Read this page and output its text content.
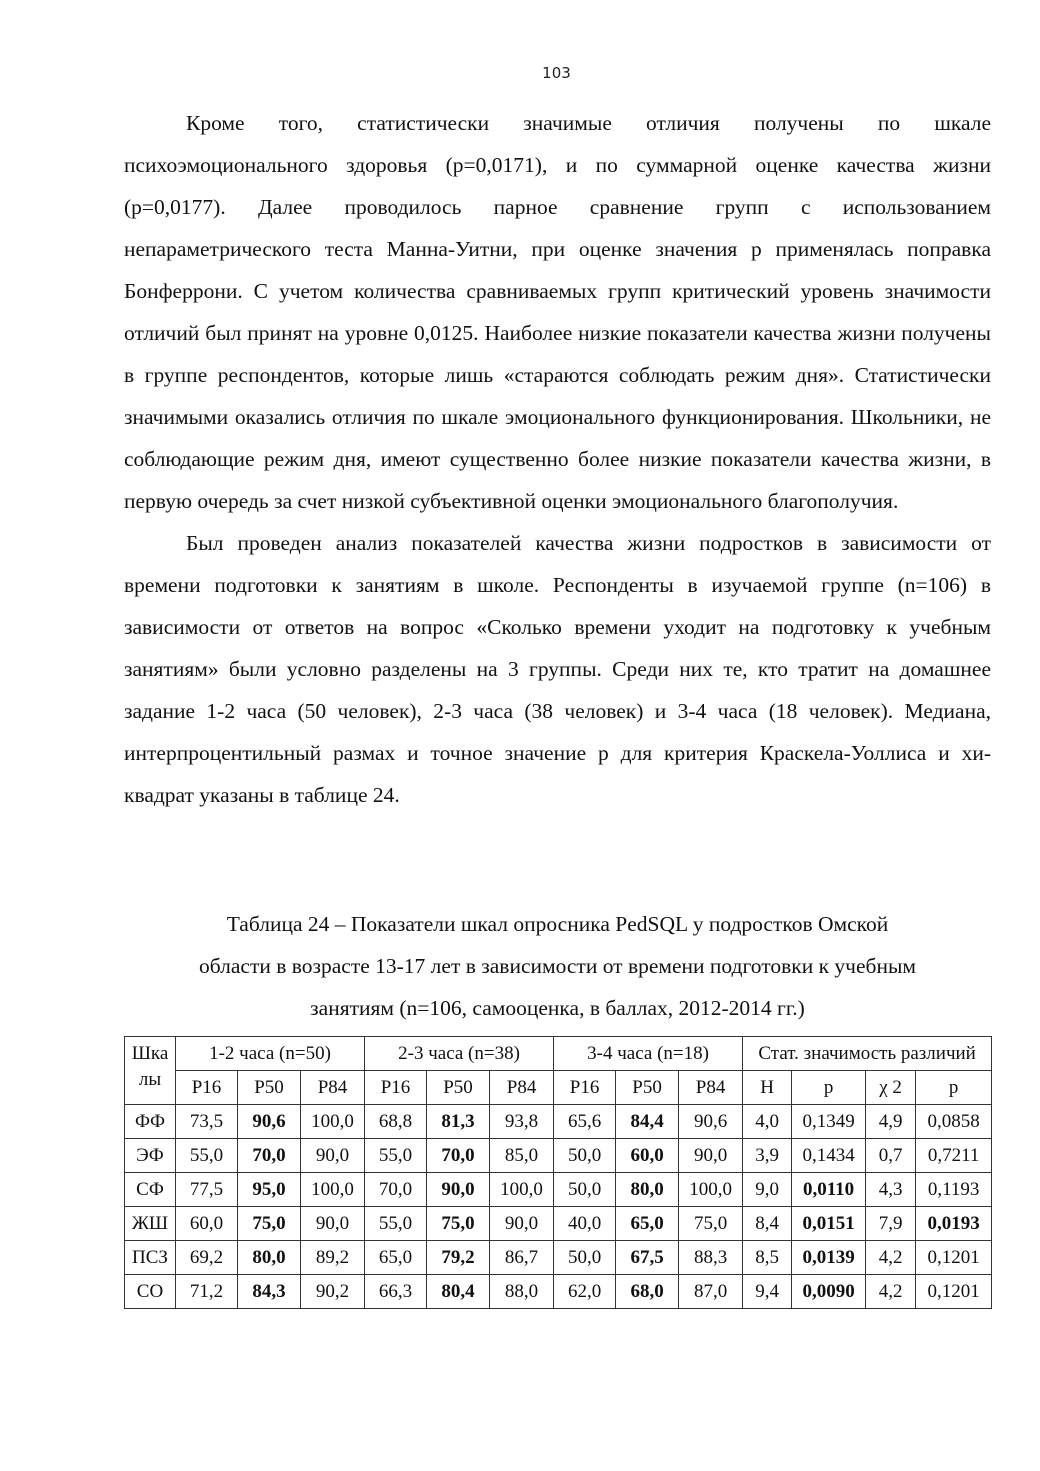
103

Кроме того, статистически значимые отличия получены по шкале психоэмоционального здоровья (p=0,0171), и по суммарной оценке качества жизни (p=0,0177). Далее проводилось парное сравнение групп с использованием непараметрического теста Манна-Уитни, при оценке значения p применялась поправка Бонферрони. С учетом количества сравниваемых групп критический уровень значимости отличий был принят на уровне 0,0125. Наиболее низкие показатели качества жизни получены в группе респондентов, которые лишь «стараются соблюдать режим дня». Статистически значимыми оказались отличия по шкале эмоционального функционирования. Школьники, не соблюдающие режим дня, имеют существенно более низкие показатели качества жизни, в первую очередь за счет низкой субъективной оценки эмоционального благополучия.

Был проведен анализ показателей качества жизни подростков в зависимости от времени подготовки к занятиям в школе. Респонденты в изучаемой группе (n=106) в зависимости от ответов на вопрос «Сколько времени уходит на подготовку к учебным занятиям» были условно разделены на 3 группы. Среди них те, кто тратит на домашнее задание 1-2 часа (50 человек), 2-3 часа (38 человек) и 3-4 часа (18 человек). Медиана, интерпроцентильный размах и точное значение p для критерия Краскела-Уоллиса и хи-квадрат указаны в таблице 24.

Таблица 24 – Показатели шкал опросника PedSQL у подростков Омской
области в возрасте 13-17 лет в зависимости от времени подготовки к учебным
занятиям (n=106, самооценка, в баллах, 2012-2014 гг.)
Шка
лы	1-2 часа (n=50)			2-3 часа (n=38)			3-4 часа (n=18)			Стат. значимость различий			
	P16	P50	P84	P16	P50	P84	P16	P50	P84	H	p	χ 2	p
ФФ	73,5	90,6	100,0	68,8	81,3	93,8	65,6	84,4	90,6	4,0	0,1349	4,9	0,0858
ЭФ	55,0	70,0	90,0	55,0	70,0	85,0	50,0	60,0	90,0	3,9	0,1434	0,7	0,7211
СФ	77,5	95,0	100,0	70,0	90,0	100,0	50,0	80,0	100,0	9,0	0,0110	4,3	0,1193
ЖШ	60,0	75,0	90,0	55,0	75,0	90,0	40,0	65,0	75,0	8,4	0,0151	7,9	0,0193
ПСЗ	69,2	80,0	89,2	65,0	79,2	86,7	50,0	67,5	88,3	8,5	0,0139	4,2	0,1201
СО	71,2	84,3	90,2	66,3	80,4	88,0	62,0	68,0	87,0	9,4	0,0090	4,2	0,1201
